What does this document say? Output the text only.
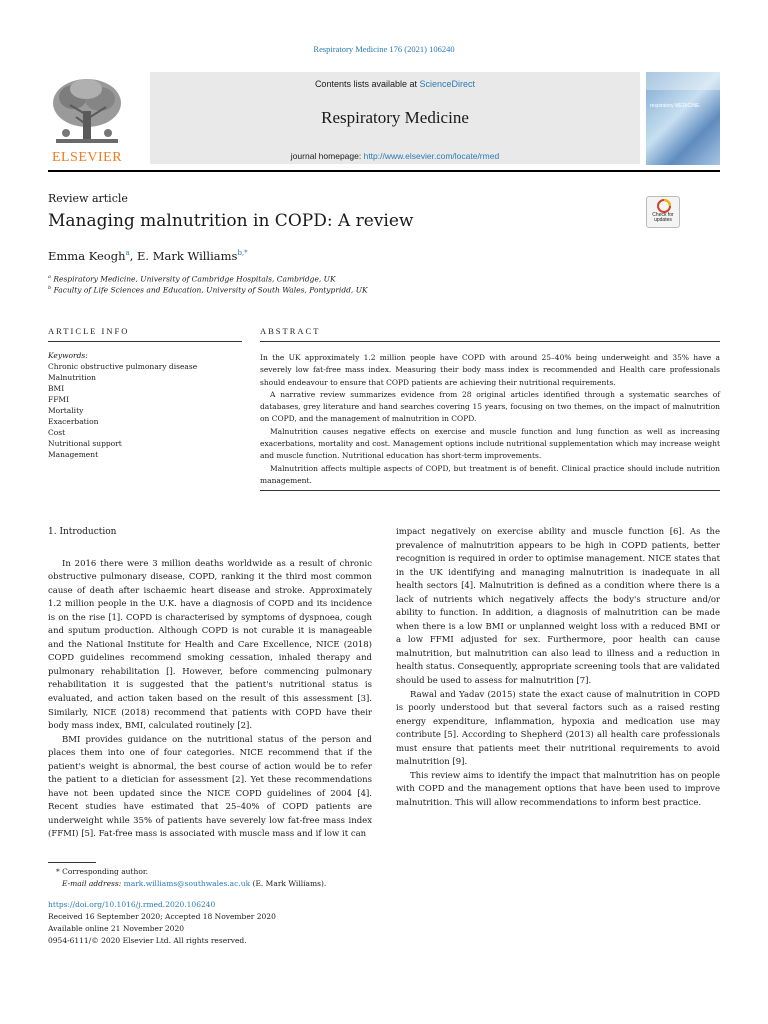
Respiratory Medicine 176 (2021) 106240
ELSEVIER
Contents lists available at ScienceDirect
Respiratory Medicine
journal homepage: http://www.elsevier.com/locate/rmed
respiratory MEDICINE
Review article
Managing malnutrition in COPD: A review	Check for updates
Emma Keogh$^a$, E. Mark Williams$^{b,*}$
$^a$ Respiratory Medicine, University of Cambridge Hospitals, Cambridge, UK
$^b$ Faculty of Life Sciences and Education, University of South Wales, Pontypridd, UK
ARTICLE INFO	ABSTRACT
Keywords:
Chronic obstructive pulmonary disease
Malnutrition
BMI
FFMI
Mortality
Exacerbation
Cost
Nutritional support
Management

In the UK approximately 1.2 million people have COPD with around 25–40% being underweight and 35% have a severely low fat-free mass index. Measuring their body mass index is recommended and Health care professionals should endeavour to ensure that COPD patients are achieving their nutritional requirements.

A narrative review summarizes evidence from 28 original articles identified through a systematic searches of databases, grey literature and hand searches covering 15 years, focusing on two themes, on the impact of malnutrition on COPD, and the management of malnutrition in COPD.

Malnutrition causes negative effects on exercise and muscle function and lung function as well as increasing exacerbations, mortality and cost. Management options include nutritional supplementation which may increase weight and muscle function. Nutritional education has short-term improvements.

Malnutrition affects multiple aspects of COPD, but treatment is of benefit. Clinical practice should include nutrition management.

1. Introduction

In 2016 there were 3 million deaths worldwide as a result of chronic obstructive pulmonary disease, COPD, ranking it the third most common cause of death after ischaemic heart disease and stroke. Approximately 1.2 million people in the U.K. have a diagnosis of COPD and its incidence is on the rise [1]. COPD is characterised by symptoms of dyspnoea, cough and sputum production. Although COPD is not curable it is manageable and the National Institute for Health and Care Excellence, NICE (2018) COPD guidelines recommend smoking cessation, inhaled therapy and pulmonary rehabilitation []. However, before commencing pulmonary rehabilitation it is suggested that the patient's nutritional status is evaluated, and action taken based on the result of this assessment [3]. Similarly, NICE (2018) recommend that patients with COPD have their body mass index, BMI, calculated routinely [2].

BMI provides guidance on the nutritional status of the person and places them into one of four categories. NICE recommend that if the patient's weight is abnormal, the best course of action would be to refer the patient to a dietician for assessment [2]. Yet these recommendations have not been updated since the NICE COPD guidelines of 2004 [4]. Recent studies have estimated that 25–40% of COPD patients are underweight while 35% of patients have severely low fat-free mass index (FFMI) [5]. Fat-free mass is associated with muscle mass and if low it can

impact negatively on exercise ability and muscle function [6]. As the prevalence of malnutrition appears to be high in COPD patients, better recognition is required in order to optimise management. NICE states that in the UK identifying and managing malnutrition is inadequate in all health sectors [4]. Malnutrition is defined as a condition where there is a lack of nutrients which negatively affects the body's structure and/or ability to function. In addition, a diagnosis of malnutrition can be made when there is a low BMI or unplanned weight loss with a reduced BMI or a low FFMI adjusted for sex. Furthermore, poor health can cause malnutrition, but malnutrition can also lead to illness and a reduction in health status. Consequently, appropriate screening tools that are validated should be used to assess for malnutrition [7].

Rawal and Yadav (2015) state the exact cause of malnutrition in COPD is poorly understood but that several factors such as a raised resting energy expenditure, inflammation, hypoxia and medication use may contribute [5]. According to Shepherd (2013) all health care professionals must ensure that patients meet their nutritional requirements to avoid malnutrition [9].

This review aims to identify the impact that malnutrition has on people with COPD and the management options that have been used to improve malnutrition. This will allow recommendations to inform best practice.

* Corresponding author.
E-mail address: mark.williams@southwales.ac.uk (E. Mark Williams).
https://doi.org/10.1016/j.rmed.2020.106240
Received 16 September 2020; Accepted 18 November 2020
Available online 21 November 2020
0954-6111/© 2020 Elsevier Ltd. All rights reserved.
